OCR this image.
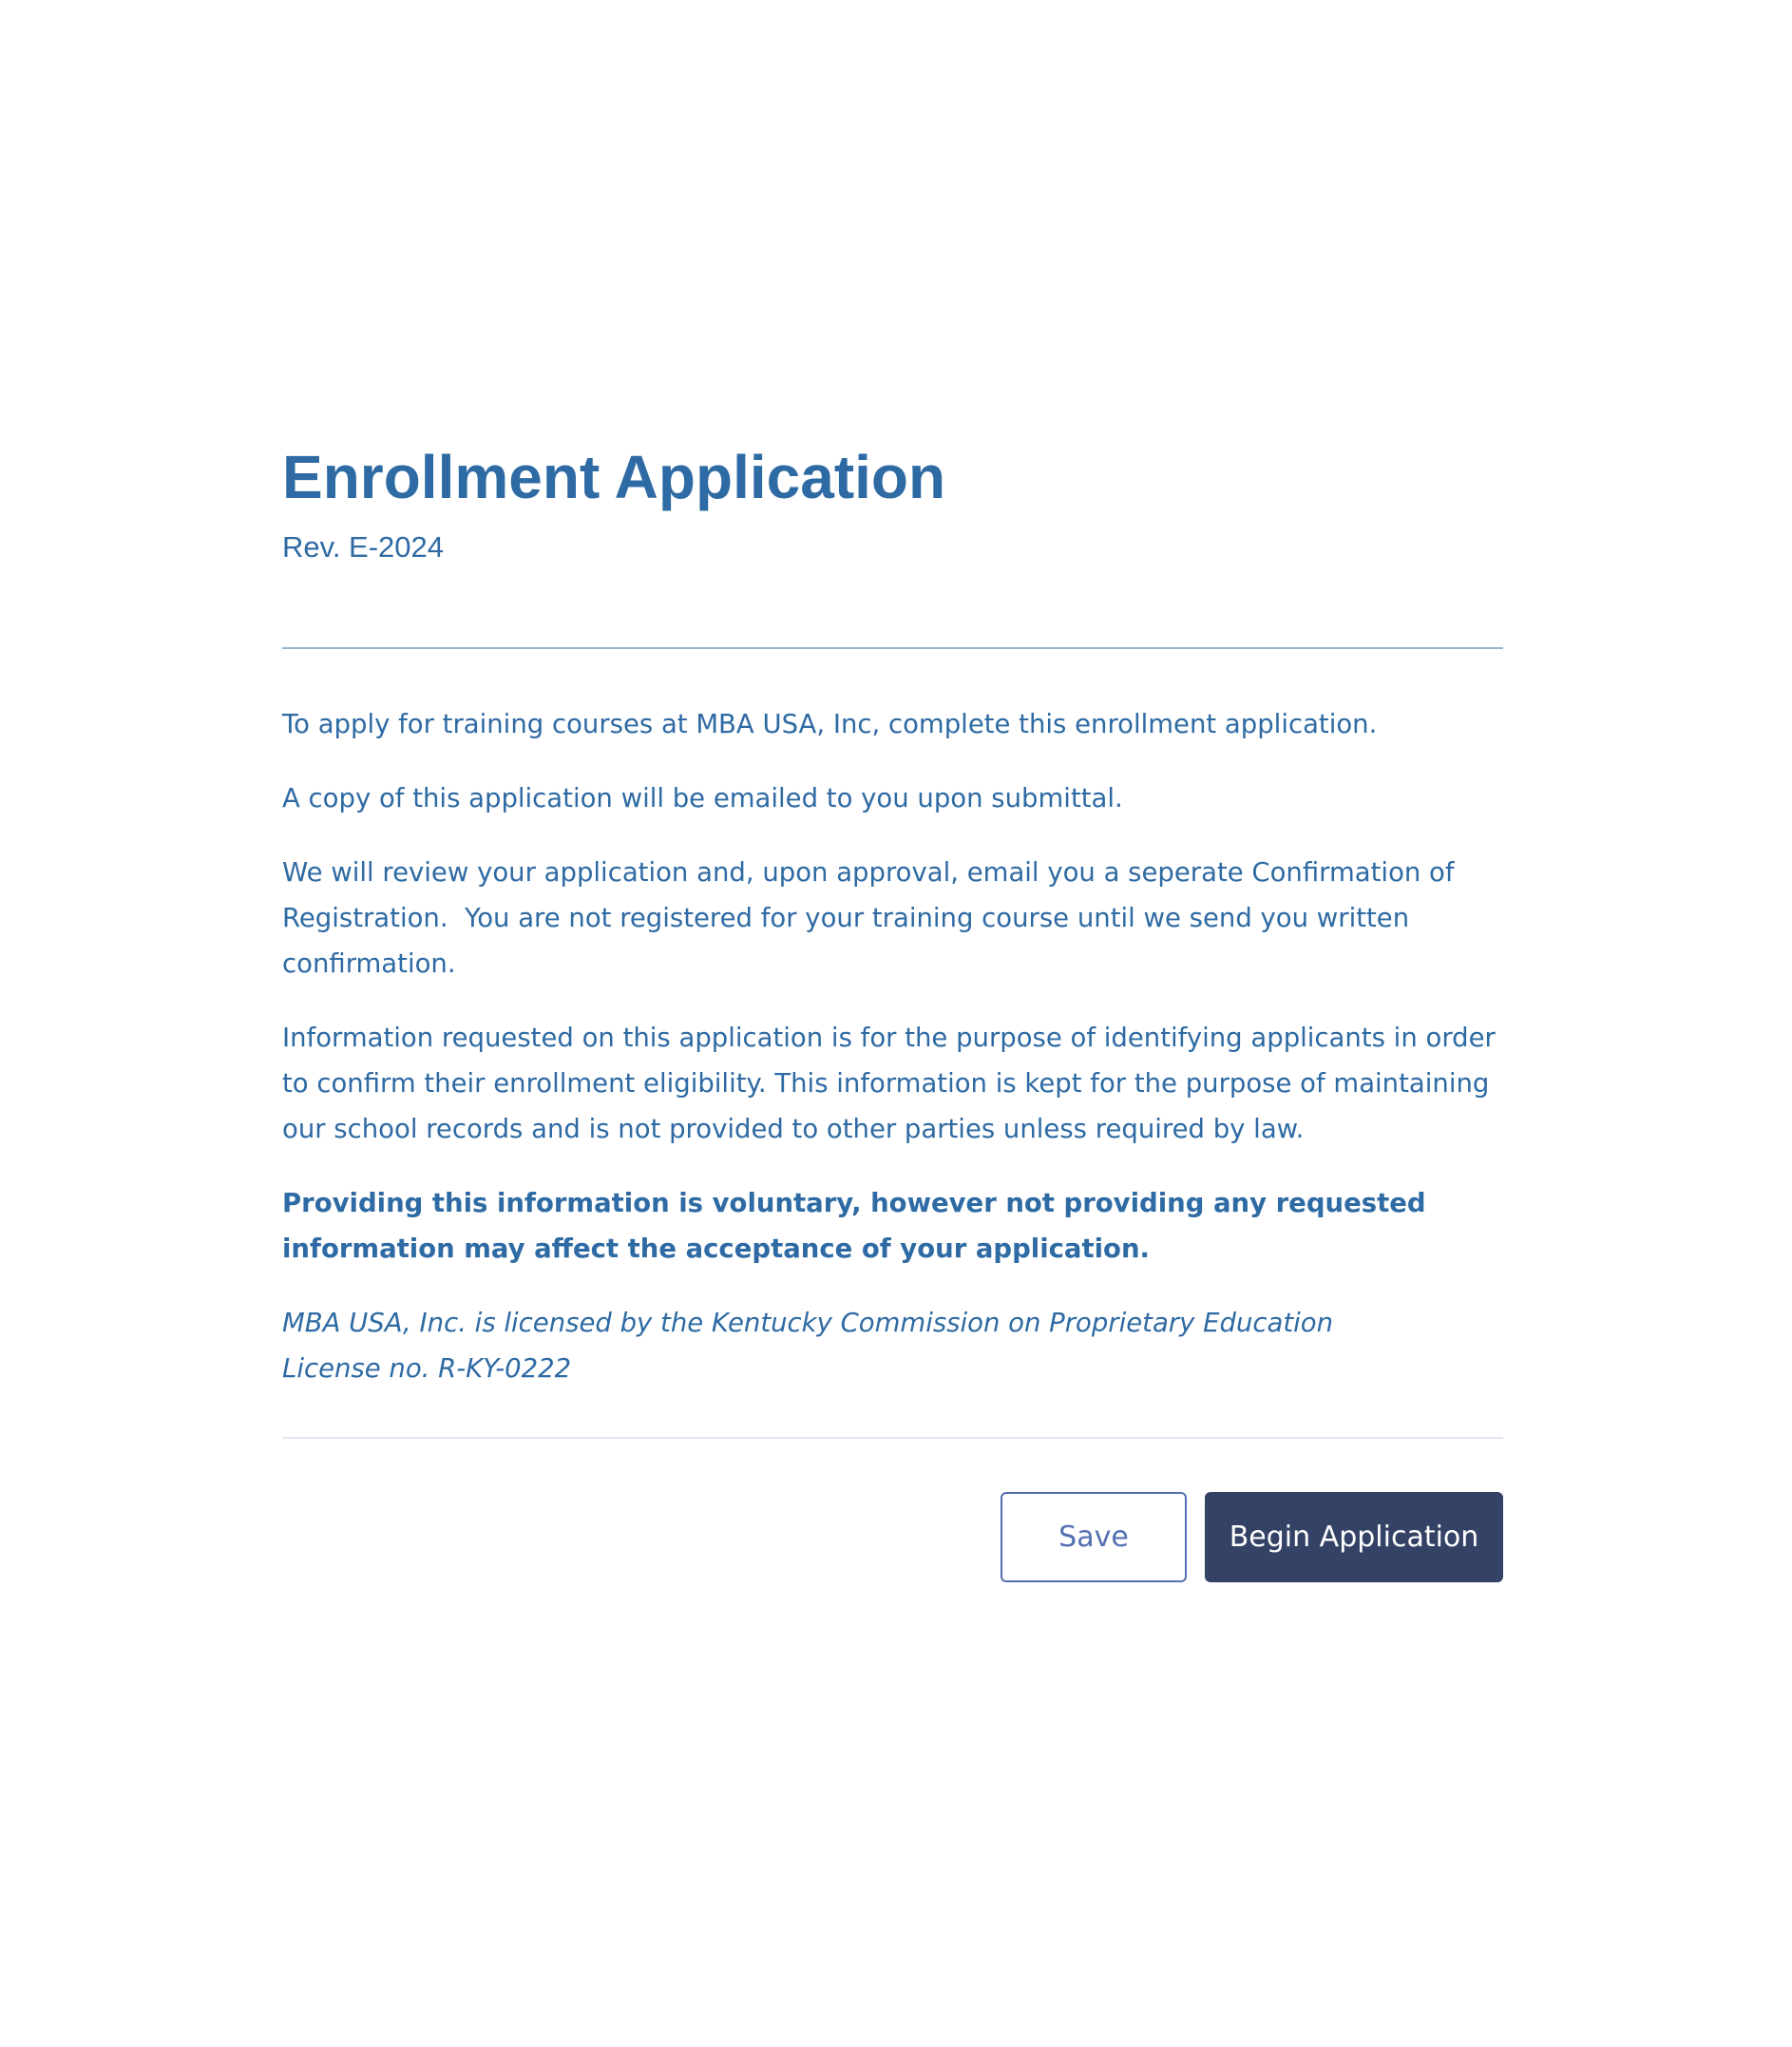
Enrollment Application
Rev. E-2024

To apply for training courses at MBA USA, Inc, complete this enrollment application.

A copy of this application will be emailed to you upon submittal.

We will review your application and, upon approval, email you a seperate Confirmation of Registration.  You are not registered for your training course until we send you written confirmation.

Information requested on this application is for the purpose of identifying applicants in order to confirm their enrollment eligibility. This information is kept for the purpose of maintaining our school records and is not provided to other parties unless required by law.

Providing this information is voluntary, however not providing any requested information may affect the acceptance of your application.

MBA USA, Inc. is licensed by the Kentucky Commission on Proprietary Education
License no. R-KY-0222

Save	Begin Application
